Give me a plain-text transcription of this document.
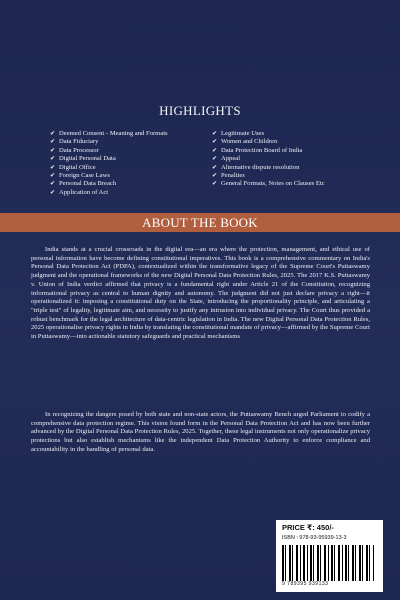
HIGHLIGHTS
✔ Deemed Consent - Meaning and Formats
✔ Data Fiduciary
✔ Data Processor
✔ Digital Personal Data
✔ Digital Office
✔ Foreign Case Laws
✔ Personal Data Breach
✔ Application of Act
✔ Legitimate Uses
✔ Women and Children
✔ Data Protection Board of India
✔ Appeal
✔ Alternative dispute resolution
✔ Penalties
✔ General Formats, Notes on Clauses Etc
ABOUT THE BOOK

India stands at a crucial crossroads in the digital era—an era where the protection, management, and ethical use of personal information have become defining constitutional imperatives. This book is a comprehensive commentary on India's Personal Data Protection Act (PDPA), contextualized within the transformative legacy of the Supreme Court's Puttaswamy judgment and the operational frameworks of the new Digital Personal Data Protection Rules, 2025. The 2017 K.S. Puttaswamy v. Union of India verdict affirmed that privacy is a fundamental right under Article 21 of the Constitution, recognizing informational privacy as central to human dignity and autonomy. The judgment did not just declare privacy a right—it operationalized it: imposing a constitutional duty on the State, introducing the proportionality principle, and articulating a "triple test" of legality, legitimate aim, and necessity to justify any intrusion into individual privacy. The Court thus provided a robust benchmark for the legal architecture of data-centric legislation in India. The new Digital Personal Data Protection Rules, 2025 operationalise privacy rights in India by translating the constitutional mandate of privacy—affirmed by the Supreme Court in Puttaswamy—into actionable statutory safeguards and practical mechanisms

In recognizing the dangers posed by both state and non-state actors, the Puttaswamy Bench urged Parliament to codify a comprehensive data protection regime. This vision found form in the Personal Data Protection Act and has now been further advanced by the Digital Personal Data Protection Rules, 2025. Together, these legal instruments not only operationalize privacy protections but also establish mechanisms like the independent Data Protection Authority to enforce compliance and accountability in the handling of personal data.

PRICE ₹: 450/-
ISBN : 978-93-95939-13-3
9 789395 939133
